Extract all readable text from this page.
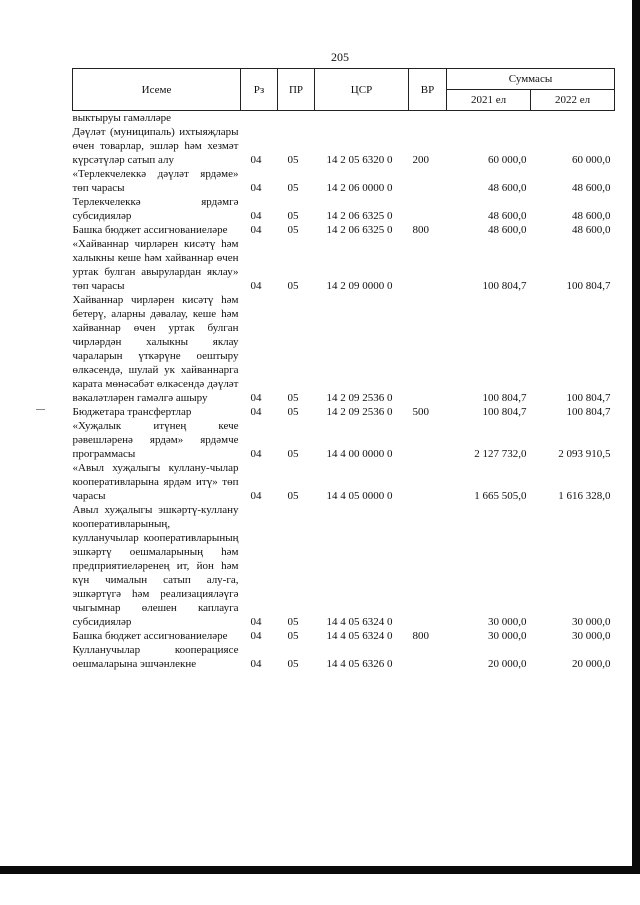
205
Исеме	Рз	ПР	ЦСР	ВР	Суммасы	
					2021 ел	2022 ел
выктыруы гамәлләре						
Дәүләт (муниципаль) ихтыяҗлары өчен товарлар, эшләр һәм хезмәт күрсәтүләр сатып алу	04	05	14 2 05 6320 0	200	60 000,0	60 000,0
«Терлекчелеккә дәүләт ярдәме» төп чарасы	04	05	14 2 06 0000 0		48 600,0	48 600,0
Терлекчелеккә ярдәмгә субсидияләр	04	05	14 2 06 6325 0		48 600,0	48 600,0
Башка бюджет ассигнованиеләре	04	05	14 2 06 6325 0	800	48 600,0	48 600,0
«Хайваннар чирләрен кисәтү һәм халыкны кеше һәм хайваннар өчен уртак булган авырулардан яклау» төп чарасы	04	05	14 2 09 0000 0		100 804,7	100 804,7
Хайваннар чирләрен кисәтү һәм бетерү, аларны дәвалау, кеше һәм хайваннар өчен уртак булган чирләрдән халыкны яклау чараларын үткәрүне оештыру өлкәсендә, шулай ук хайваннарга карата мөнәсәбәт өлкәсендә дәүләт вәкаләтләрен гамәлгә ашыру	04	05	14 2 09 2536 0		100 804,7	100 804,7
Бюджетара трансфертлар	04	05	14 2 09 2536 0	500	100 804,7	100 804,7
«Хуҗалык итүнең кече рәвешләренә ярдәм» ярдәмче программасы	04	05	14 4 00 0000 0		2 127 732,0	2 093 910,5
«Авыл хуҗалыгы куллану-чылар кооперативларына ярдәм итү» төп чарасы	04	05	14 4 05 0000 0		1 665 505,0	1 616 328,0
Авыл хуҗалыгы эшкәртү-куллану кооперативларының, кулланучылар кооперативларының эшкәртү оешмаларының һәм предприятиеләренең ит, йон һәм күн чималын сатып алу-га, эшкәртүгә һәм реализацияләүгә чыгымнар өлешен каплауга субсидияләр	04	05	14 4 05 6324 0		30 000,0	30 000,0
Башка бюджет ассигнованиеләре	04	05	14 4 05 6324 0	800	30 000,0	30 000,0
Кулланучылар кооперациясе оешмаларына эшчәнлекне	04	05	14 4 05 6326 0		20 000,0	20 000,0
